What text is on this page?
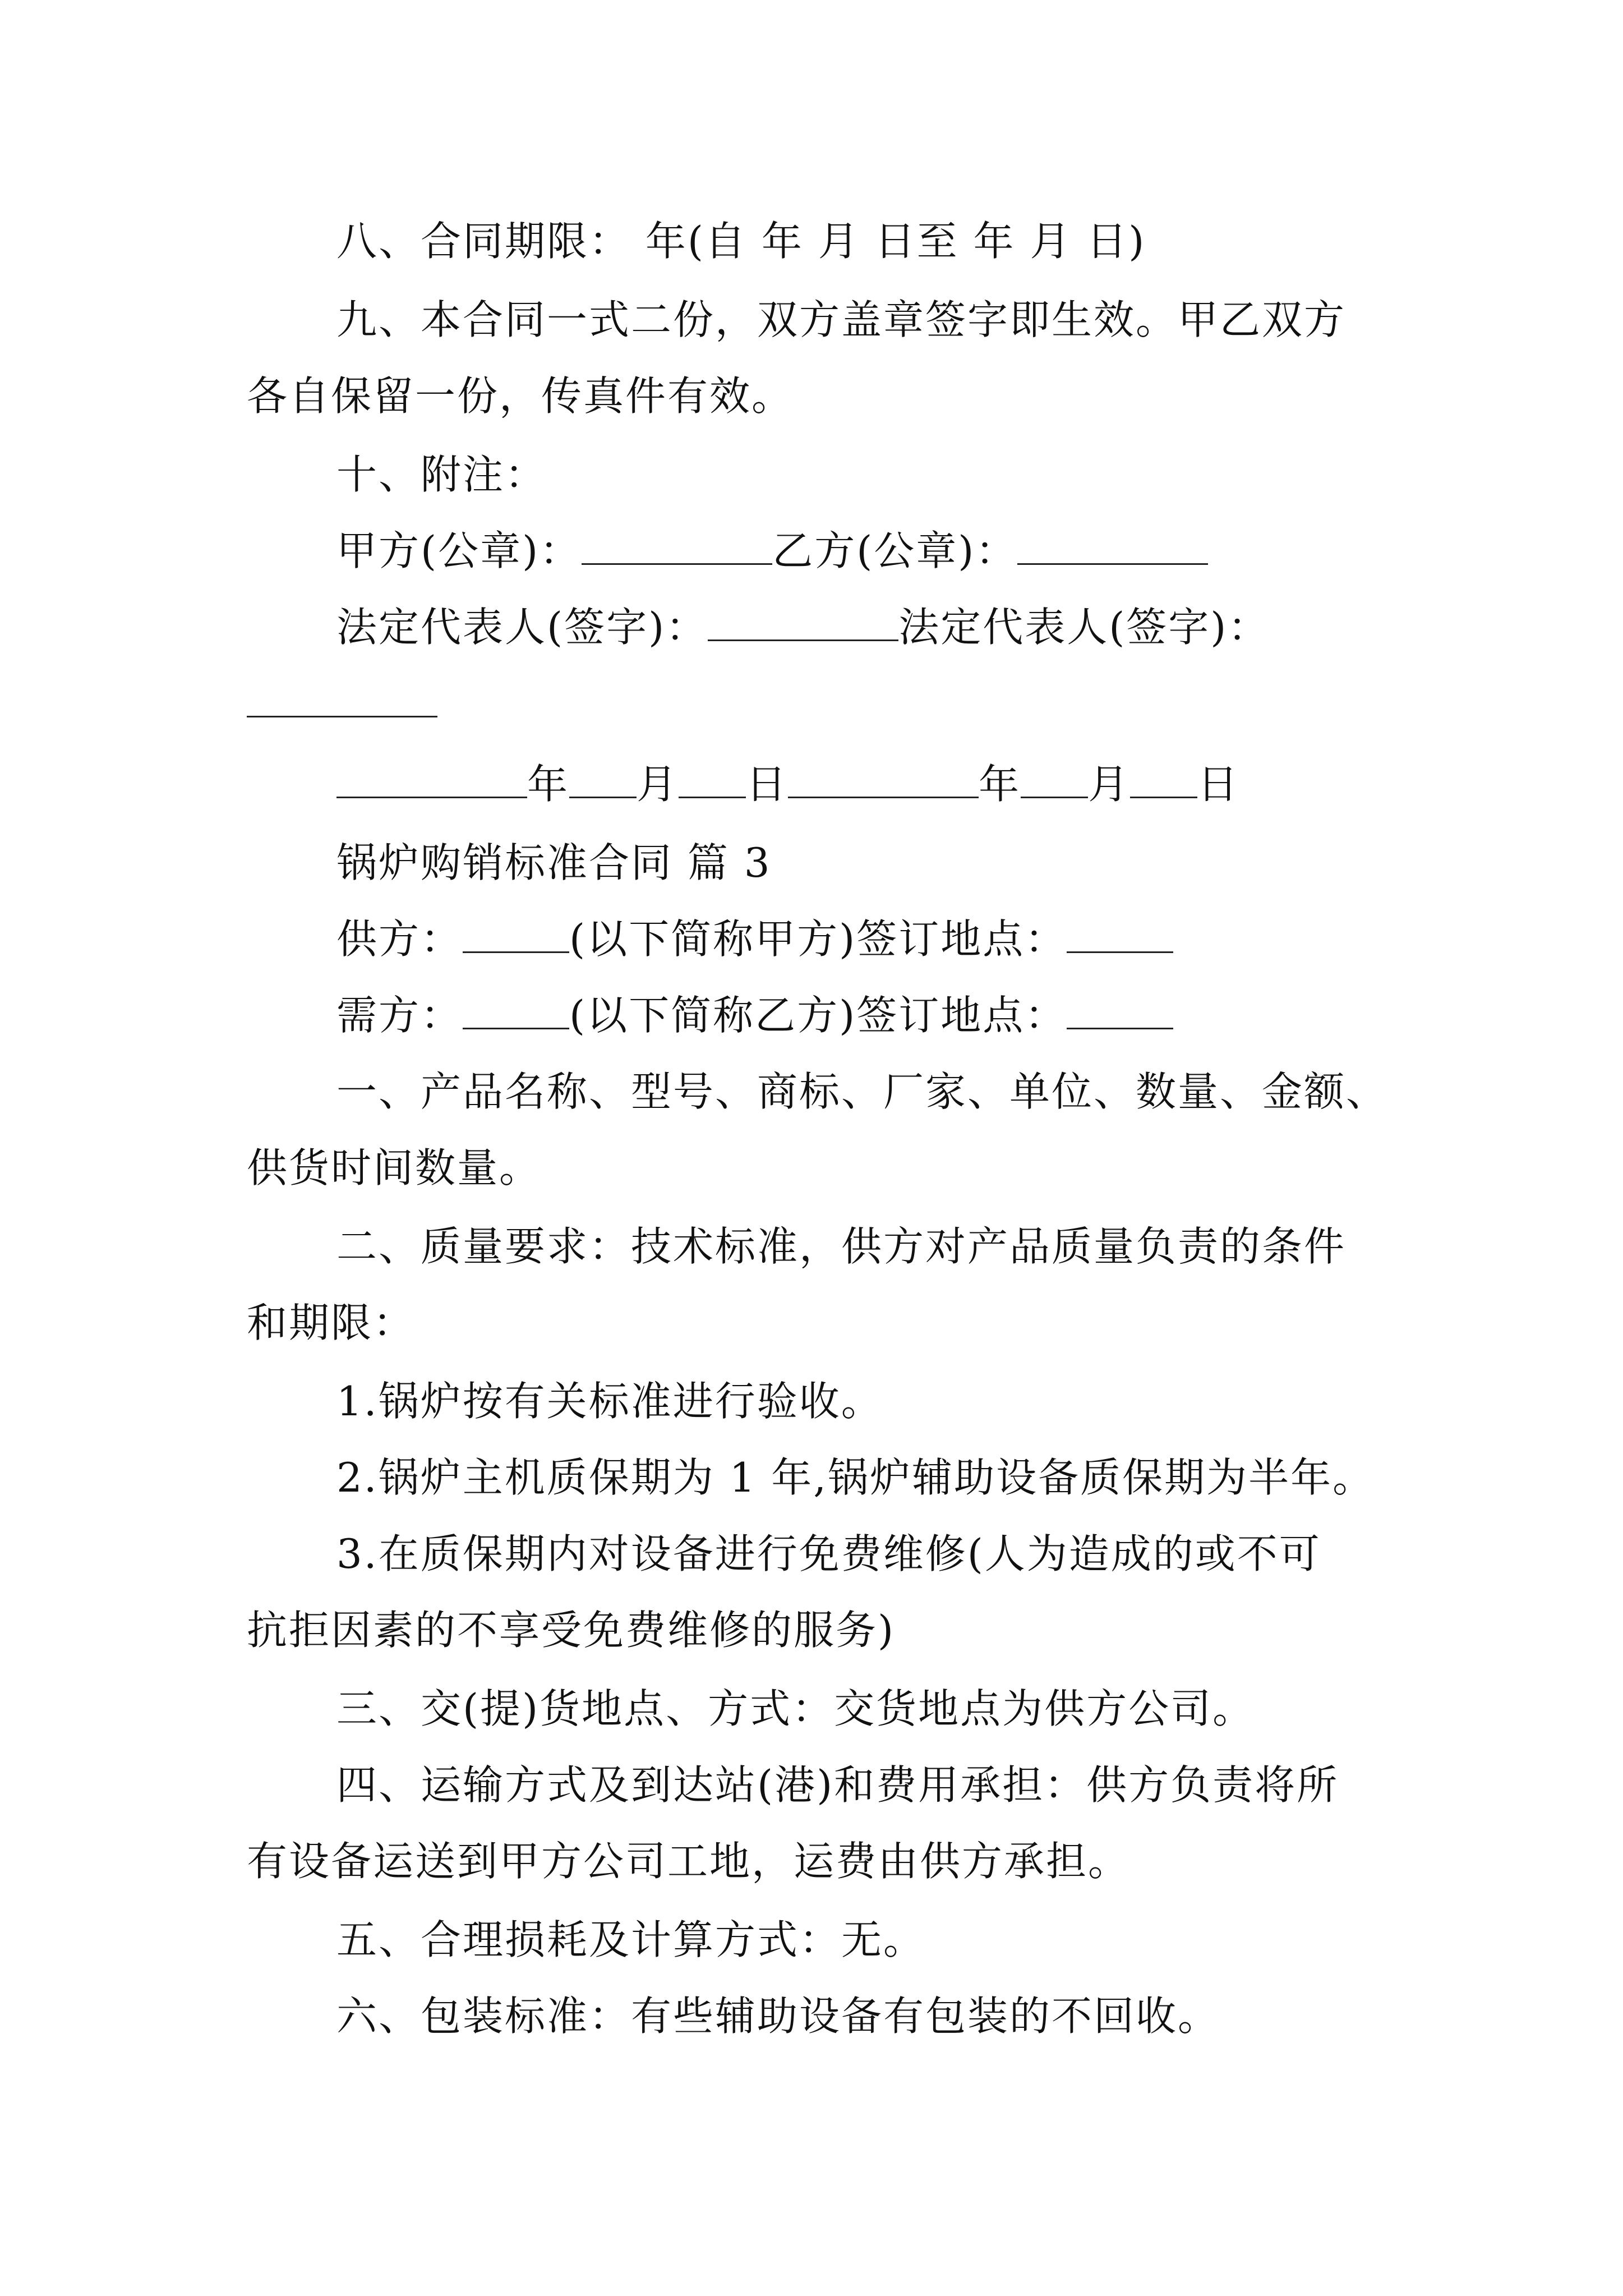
八、合同期限： 年(自 年 月 日至 年 月 日)
九、本合同一式二份，双方盖章签字即生效。甲乙双方
各自保留一份，传真件有效。
十、附注：
甲方(公章)：	乙方(公章)：
法定代表人(签字)：	法定代表人(签字)：
年 月 日	年 月 日
锅炉购销标准合同 篇 3
供方：	(以下简称甲方)签订地点：
需方：	(以下简称乙方)签订地点：
一、产品名称、型号、商标、厂家、单位、数量、金额、
供货时间数量。
二、质量要求：技术标准，供方对产品质量负责的条件
和期限：
1.锅炉按有关标准进行验收。
2.锅炉主机质保期为 1 年,锅炉辅助设备质保期为半年。
3.在质保期内对设备进行免费维修(人为造成的或不可
抗拒因素的不享受免费维修的服务)
三、交(提)货地点、方式：交货地点为供方公司。
四、运输方式及到达站(港)和费用承担：供方负责将所
有设备运送到甲方公司工地，运费由供方承担。
五、合理损耗及计算方式：无。
六、包装标准：有些辅助设备有包装的不回收。
